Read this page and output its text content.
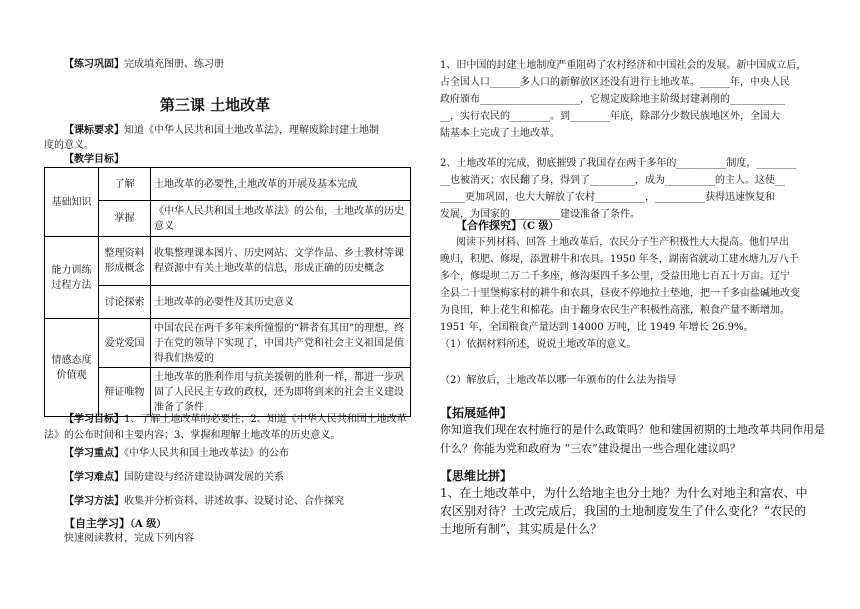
【练习巩固】完成填充图册、练习册
第三课 土地改革
【课标要求】知道《中华人民共和国土地改革法》，理解废除封建土地制
度的意义。
【教学目标】
基础知识	了解	土地改革的必要性,土地改革的开展及基本完成
	掌握	《中华人民共和国土地改革法》的公布，土地改革的历史意义
能力训练过程方法	整理资料形成概念	收集整理课本图片、历史网站、文学作品、乡土教材等课程资源中有关土地改革的信息，形成正确的历史概念
	讨论探索	土地改革的必要性及其历史意义
情感态度价值观	爱党爱国	中国农民在两千多年来所憧憬的“耕者有其田”的理想，终于在党的领导下实现了，中国共产党和社会主义祖国是值得我们热爱的
	辩证唯物	土地改革的胜利作用与抗美援朝的胜利一样，都进一步巩固了人民民主专政的政权，还为即将到来的社会主义建设准备了条件
【学习目标】1、了解土地改革的必要性；2、知道《中华人民共和国土地改革
法》的公布时间和主要内容；3、掌握和理解土地改革的历史意义。
【学习重点】《中华人民共和国土地改革法》的公布
【学习难点】国防建设与经济建设协调发展的关系
【学习方法】收集并分析资料、讲述故事、设疑讨论、合作探究
【自主学习】（A 级）
快速阅读教材，完成下列内容
1、旧中国的封建土地制度严重阻碍了农村经济和中国社会的发展。新中国成立后，
占全国人口______多人口的新解放区还没有进行土地改革。______年，中央人民
政府颁布____________________，它规定废除地主阶级封建剥削的___________
__，实行农民的________。到________年底，除部分少数民族地区外，全国大
陆基本上完成了土地改革。
2、土地改革的完成，彻底摧毁了我国存在两千多年的__________制度，________
__也被消灭；农民翻了身，得到了_________，成为__________的主人。这使__
_____更加巩固，也大大解放了农村__________，__________获得迅速恢复和
发展，为国家的__________建设准备了条件。
【合作探究】（C 级）
阅读下列材料、回答 土地改革后，农民分子生产积极性大大提高。他们早出
晚归，积肥、修堤，添置耕牛和农具。1950 年冬，湖南省就动工建水塘九万八千
多个，修堤坝二万二千多座，修沟渠四千多公里，受益田地七百五十万亩。辽宁
全县二十里堡梅家村的耕牛和农具，昼夜不停地拉土垫地，把一千多亩盐碱地改变
为良田，种上花生和棉花。由于翻身农民生产积极性高涨，粮食产量不断增加。
1951 年，全国粮食产量达到 14000 万吨，比 1949 年增长 26.9%。
（1）依据材料所述，说说土地改革的意义。
（2）解放后，土地改革以哪一年颁布的什么法为指导
【拓展延伸】
你知道我们现在农村施行的是什么政策吗？他和建国初期的土地改革共同作用是
什么？你能为党和政府为 “三农”建设提出一些合理化建议吗？
【思维比拼】
1、在土地改革中，为什么给地主也分土地？为什么对地主和富农、中
农区别对待？土改完成后，我国的土地制度发生了什么变化？“农民的
土地所有制”，其实质是什么？
